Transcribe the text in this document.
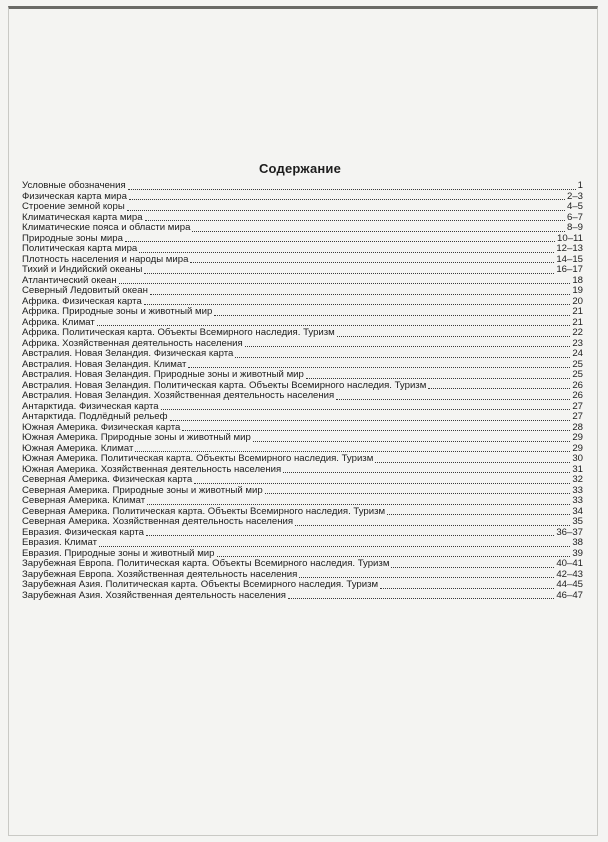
Содержание
Условные обозначения	1
Физическая карта мира	2–3
Строение земной коры	4–5
Климатическая карта мира	6–7
Климатические пояса и области мира	8–9
Природные зоны мира	10–11
Политическая карта мира	12–13
Плотность населения и народы мира	14–15
Тихий и Индийский океаны	16–17
Атлантический океан	18
Северный Ледовитый океан	19
Африка. Физическая карта	20
Африка. Природные зоны и животный мир	21
Африка. Климат	21
Африка. Политическая карта. Объекты Всемирного наследия. Туризм	22
Африка. Хозяйственная деятельность населения	23
Австралия. Новая Зеландия. Физическая карта	24
Австралия. Новая Зеландия. Климат	25
Австралия. Новая Зеландия. Природные зоны и животный мир	25
Австралия. Новая Зеландия. Политическая карта. Объекты Всемирного наследия. Туризм	26
Австралия. Новая Зеландия. Хозяйственная деятельность населения	26
Антарктида. Физическая карта	27
Антарктида. Подлёдный рельеф	27
Южная Америка. Физическая карта	28
Южная Америка. Природные зоны и животный мир	29
Южная Америка. Климат	29
Южная Америка. Политическая карта. Объекты Всемирного наследия. Туризм	30
Южная Америка. Хозяйственная деятельность населения	31
Северная Америка. Физическая карта	32
Северная Америка. Природные зоны и животный мир	33
Северная Америка. Климат	33
Северная Америка. Политическая карта. Объекты Всемирного наследия. Туризм	34
Северная Америка. Хозяйственная деятельность населения	35
Евразия. Физическая карта	36–37
Евразия. Климат	38
Евразия. Природные зоны и животный мир	39
Зарубежная Европа. Политическая карта. Объекты Всемирного наследия. Туризм	40–41
Зарубежная Европа. Хозяйственная деятельность населения	42–43
Зарубежная Азия. Политическая карта. Объекты Всемирного наследия. Туризм	44–45
Зарубежная Азия. Хозяйственная деятельность населения	46–47
